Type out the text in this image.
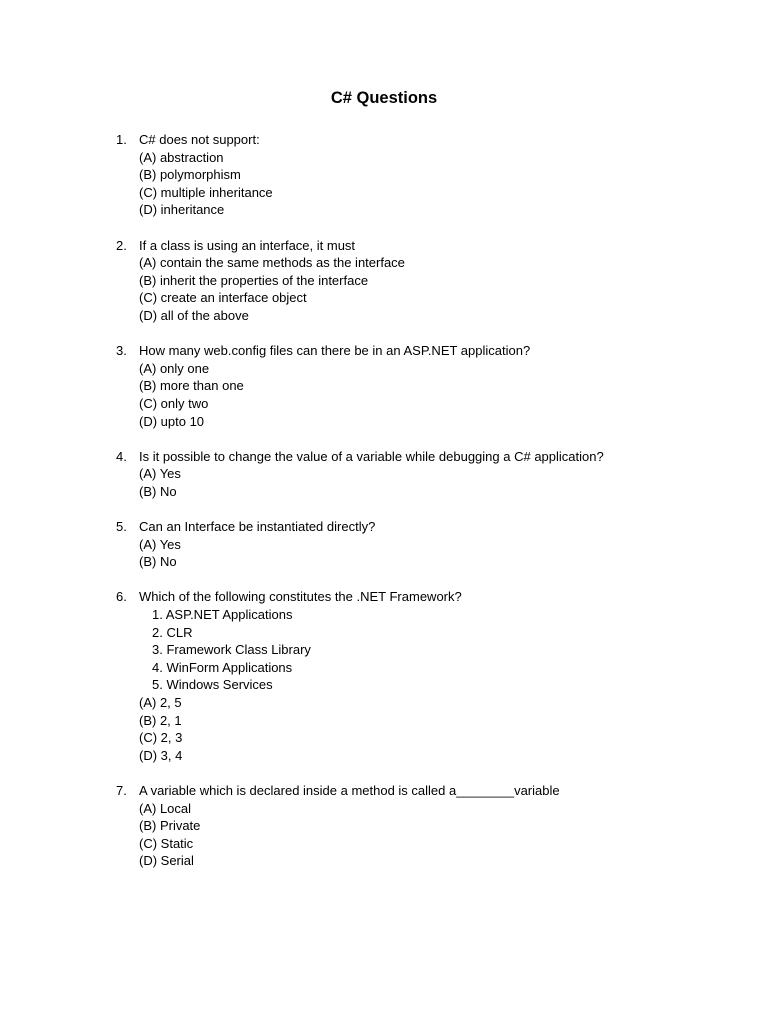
C# Questions
1. C# does not support:
(A) abstraction
(B) polymorphism
(C) multiple inheritance
(D) inheritance
2. If a class is using an interface, it must
(A) contain the same methods as the interface
(B) inherit the properties of the interface
(C) create an interface object
(D) all of the above
3. How many web.config files can there be in an ASP.NET application?
(A) only one
(B) more than one
(C) only two
(D) upto 10
4. Is it possible to change the value of a variable while debugging a C# application?
(A) Yes
(B) No
5. Can an Interface be instantiated directly?
(A) Yes
(B) No
6. Which of the following constitutes the .NET Framework?
1. ASP.NET Applications
2. CLR
3. Framework Class Library
4. WinForm Applications
5. Windows Services
(A) 2, 5
(B) 2, 1
(C) 2, 3
(D) 3, 4
7. A variable which is declared inside a method is called a________variable
(A) Local
(B) Private
(C) Static
(D) Serial
